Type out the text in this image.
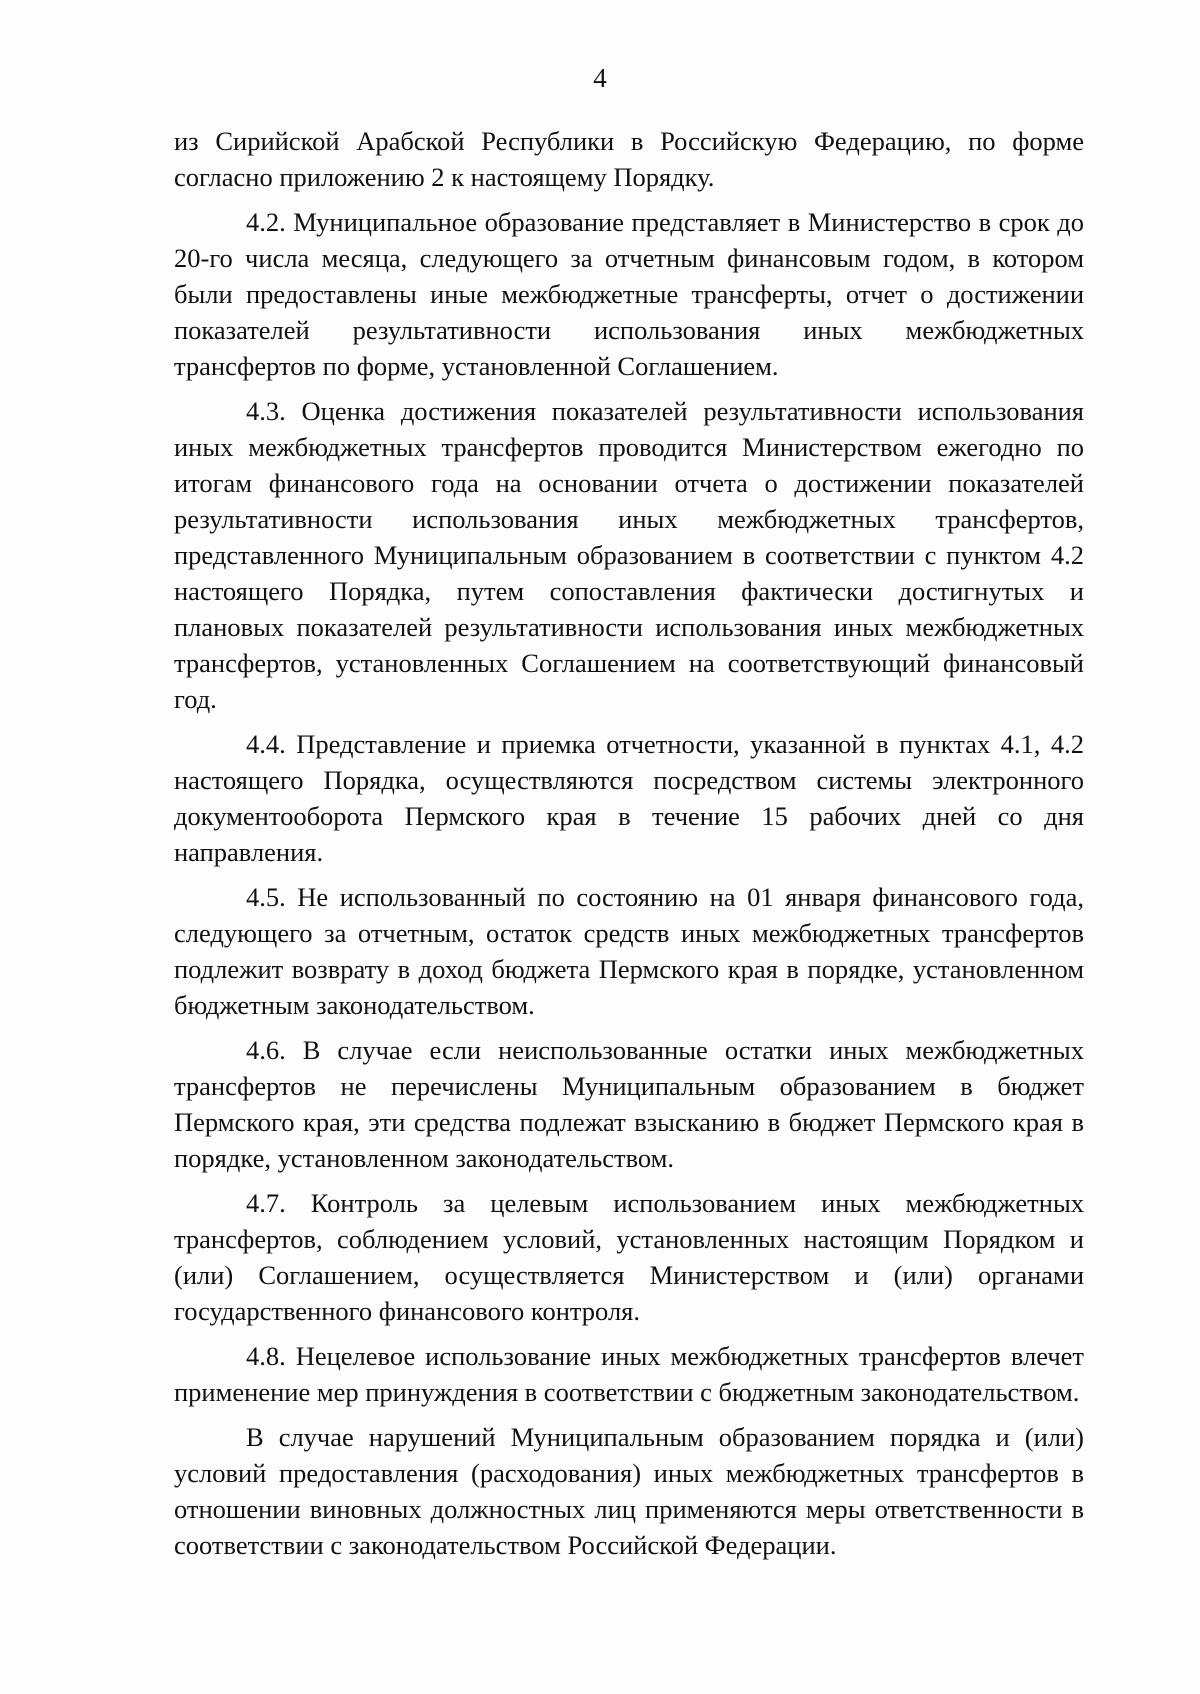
4

из Сирийской Арабской Республики в Российскую Федерацию, по форме согласно приложению 2 к настоящему Порядку.

4.2. Муниципальное образование представляет в Министерство в срок до 20-го числа месяца, следующего за отчетным финансовым годом, в котором были предоставлены иные межбюджетные трансферты, отчет о достижении показателей результативности использования иных межбюджетных трансфертов по форме, установленной Соглашением.

4.3. Оценка достижения показателей результативности использования иных межбюджетных трансфертов проводится Министерством ежегодно по итогам финансового года на основании отчета о достижении показателей результативности использования иных межбюджетных трансфертов, представленного Муниципальным образованием в соответствии с пунктом 4.2 настоящего Порядка, путем сопоставления фактически достигнутых и плановых показателей результативности использования иных межбюджетных трансфертов, установленных Соглашением на соответствующий финансовый год.

4.4. Представление и приемка отчетности, указанной в пунктах 4.1, 4.2 настоящего Порядка, осуществляются посредством системы электронного документооборота Пермского края в течение 15 рабочих дней со дня направления.

4.5. Не использованный по состоянию на 01 января финансового года, следующего за отчетным, остаток средств иных межбюджетных трансфертов подлежит возврату в доход бюджета Пермского края в порядке, установленном бюджетным законодательством.

4.6. В случае если неиспользованные остатки иных межбюджетных трансфертов не перечислены Муниципальным образованием в бюджет Пермского края, эти средства подлежат взысканию в бюджет Пермского края в порядке, установленном законодательством.

4.7. Контроль за целевым использованием иных межбюджетных трансфертов, соблюдением условий, установленных настоящим Порядком и (или) Соглашением, осуществляется Министерством и (или) органами государственного финансового контроля.

4.8. Нецелевое использование иных межбюджетных трансфертов влечет применение мер принуждения в соответствии с бюджетным законодательством.

В случае нарушений Муниципальным образованием порядка и (или) условий предоставления (расходования) иных межбюджетных трансфертов в отношении виновных должностных лиц применяются меры ответственности в соответствии с законодательством Российской Федерации.
